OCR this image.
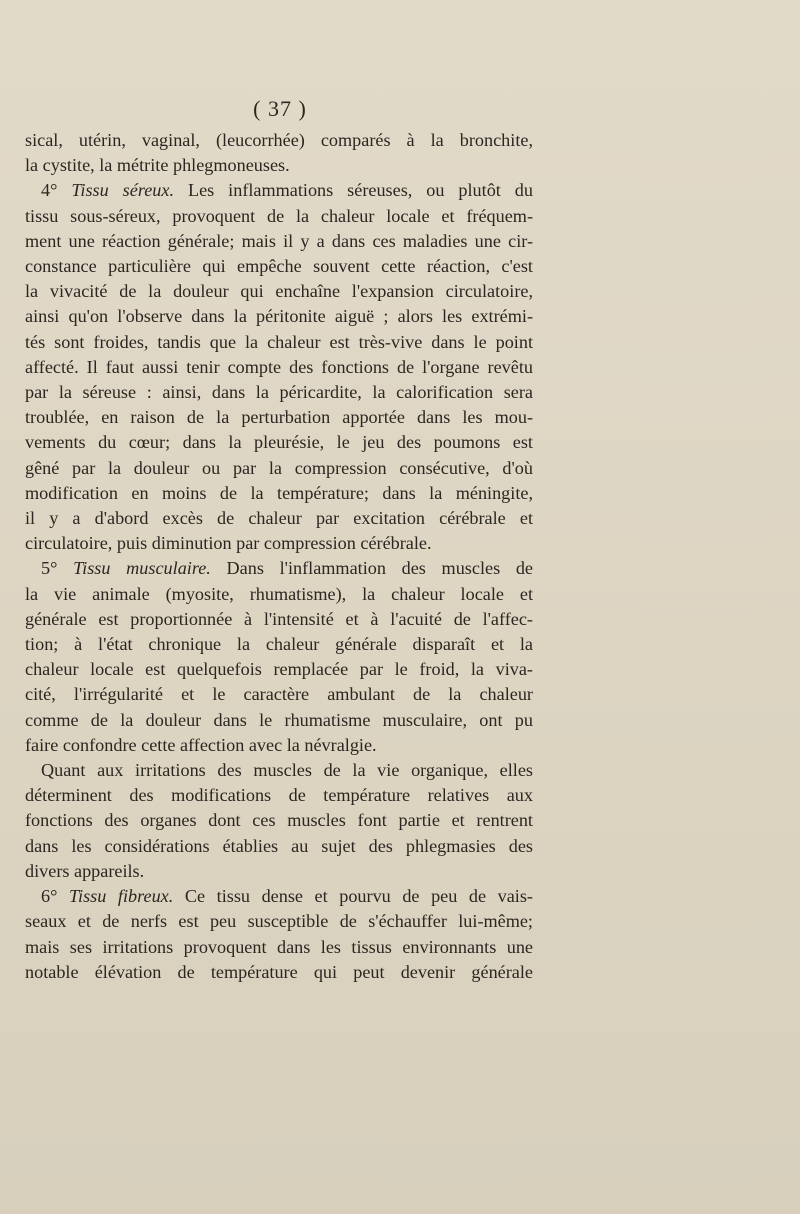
( 37 )
sical, utérin, vaginal, (leucorrhée) comparés à la bronchite,
la cystite, la métrite phlegmoneuses.
4° Tissu séreux. Les inflammations séreuses, ou plutôt du
tissu sous-séreux, provoquent de la chaleur locale et fréquem-
ment une réaction générale; mais il y a dans ces maladies une cir-
constance particulière qui empêche souvent cette réaction, c'est
la vivacité de la douleur qui enchaîne l'expansion circulatoire,
ainsi qu'on l'observe dans la péritonite aiguë ; alors les extrémi-
tés sont froides, tandis que la chaleur est très-vive dans le point
affecté. Il faut aussi tenir compte des fonctions de l'organe revêtu
par la séreuse : ainsi, dans la péricardite, la calorification sera
troublée, en raison de la perturbation apportée dans les mou-
vements du cœur; dans la pleurésie, le jeu des poumons est
gêné par la douleur ou par la compression consécutive, d'où
modification en moins de la température; dans la méningite,
il y a d'abord excès de chaleur par excitation cérébrale et
circulatoire, puis diminution par compression cérébrale.
5° Tissu musculaire. Dans l'inflammation des muscles de
la vie animale (myosite, rhumatisme), la chaleur locale et
générale est proportionnée à l'intensité et à l'acuité de l'affec-
tion; à l'état chronique la chaleur générale disparaît et la
chaleur locale est quelquefois remplacée par le froid, la viva-
cité, l'irrégularité et le caractère ambulant de la chaleur
comme de la douleur dans le rhumatisme musculaire, ont pu
faire confondre cette affection avec la névralgie.
Quant aux irritations des muscles de la vie organique, elles
déterminent des modifications de température relatives aux
fonctions des organes dont ces muscles font partie et rentrent
dans les considérations établies au sujet des phlegmasies des
divers appareils.
6° Tissu fibreux. Ce tissu dense et pourvu de peu de vais-
seaux et de nerfs est peu susceptible de s'échauffer lui-même;
mais ses irritations provoquent dans les tissus environnants une
notable élévation de température qui peut devenir générale
